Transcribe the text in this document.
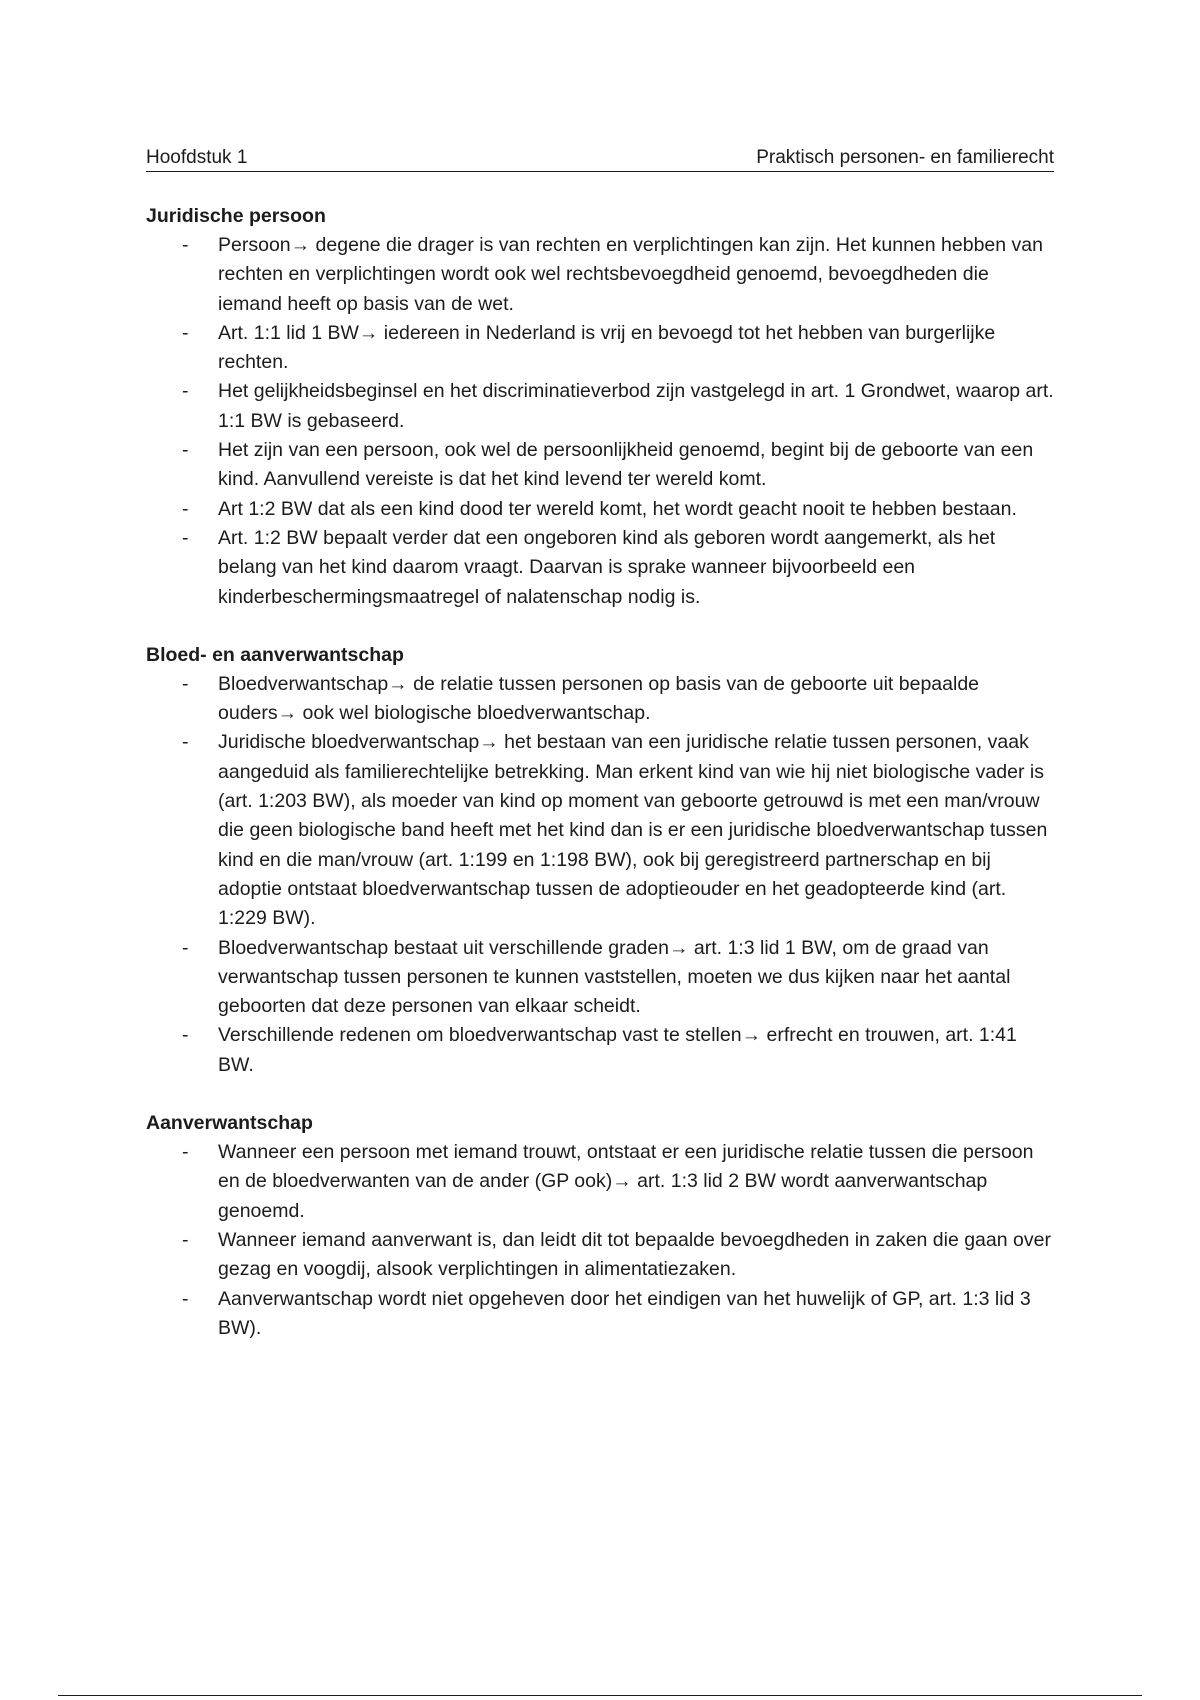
Hoofdstuk 1	Praktisch personen- en familierecht

Juridische persoon

- Persoon→ degene die drager is van rechten en verplichtingen kan zijn. Het kunnen hebben van rechten en verplichtingen wordt ook wel rechtsbevoegdheid genoemd, bevoegdheden die iemand heeft op basis van de wet.
- Art. 1:1 lid 1 BW→ iedereen in Nederland is vrij en bevoegd tot het hebben van burgerlijke rechten.
- Het gelijkheidsbeginsel en het discriminatieverbod zijn vastgelegd in art. 1 Grondwet, waarop art. 1:1 BW is gebaseerd.
- Het zijn van een persoon, ook wel de persoonlijkheid genoemd, begint bij de geboorte van een kind. Aanvullend vereiste is dat het kind levend ter wereld komt.
- Art 1:2 BW dat als een kind dood ter wereld komt, het wordt geacht nooit te hebben bestaan.
- Art. 1:2 BW bepaalt verder dat een ongeboren kind als geboren wordt aangemerkt, als het belang van het kind daarom vraagt. Daarvan is sprake wanneer bijvoorbeeld een kinderbeschermingsmaatregel of nalatenschap nodig is.

Bloed- en aanverwantschap

- Bloedverwantschap→ de relatie tussen personen op basis van de geboorte uit bepaalde ouders→ ook wel biologische bloedverwantschap.
- Juridische bloedverwantschap→ het bestaan van een juridische relatie tussen personen, vaak aangeduid als familierechtelijke betrekking. Man erkent kind van wie hij niet biologische vader is (art. 1:203 BW), als moeder van kind op moment van geboorte getrouwd is met een man/vrouw die geen biologische band heeft met het kind dan is er een juridische bloedverwantschap tussen kind en die man/vrouw (art. 1:199 en 1:198 BW), ook bij geregistreerd partnerschap en bij adoptie ontstaat bloedverwantschap tussen de adoptieouder en het geadopteerde kind (art. 1:229 BW).
- Bloedverwantschap bestaat uit verschillende graden→ art. 1:3 lid 1 BW, om de graad van verwantschap tussen personen te kunnen vaststellen, moeten we dus kijken naar het aantal geboorten dat deze personen van elkaar scheidt.
- Verschillende redenen om bloedverwantschap vast te stellen→ erfrecht en trouwen, art. 1:41 BW.

Aanverwantschap

- Wanneer een persoon met iemand trouwt, ontstaat er een juridische relatie tussen die persoon en de bloedverwanten van de ander (GP ook)→ art. 1:3 lid 2 BW wordt aanverwantschap genoemd.
- Wanneer iemand aanverwant is, dan leidt dit tot bepaalde bevoegdheden in zaken die gaan over gezag en voogdij, alsook verplichtingen in alimentatiezaken.
- Aanverwantschap wordt niet opgeheven door het eindigen van het huwelijk of GP, art. 1:3 lid 3 BW).
